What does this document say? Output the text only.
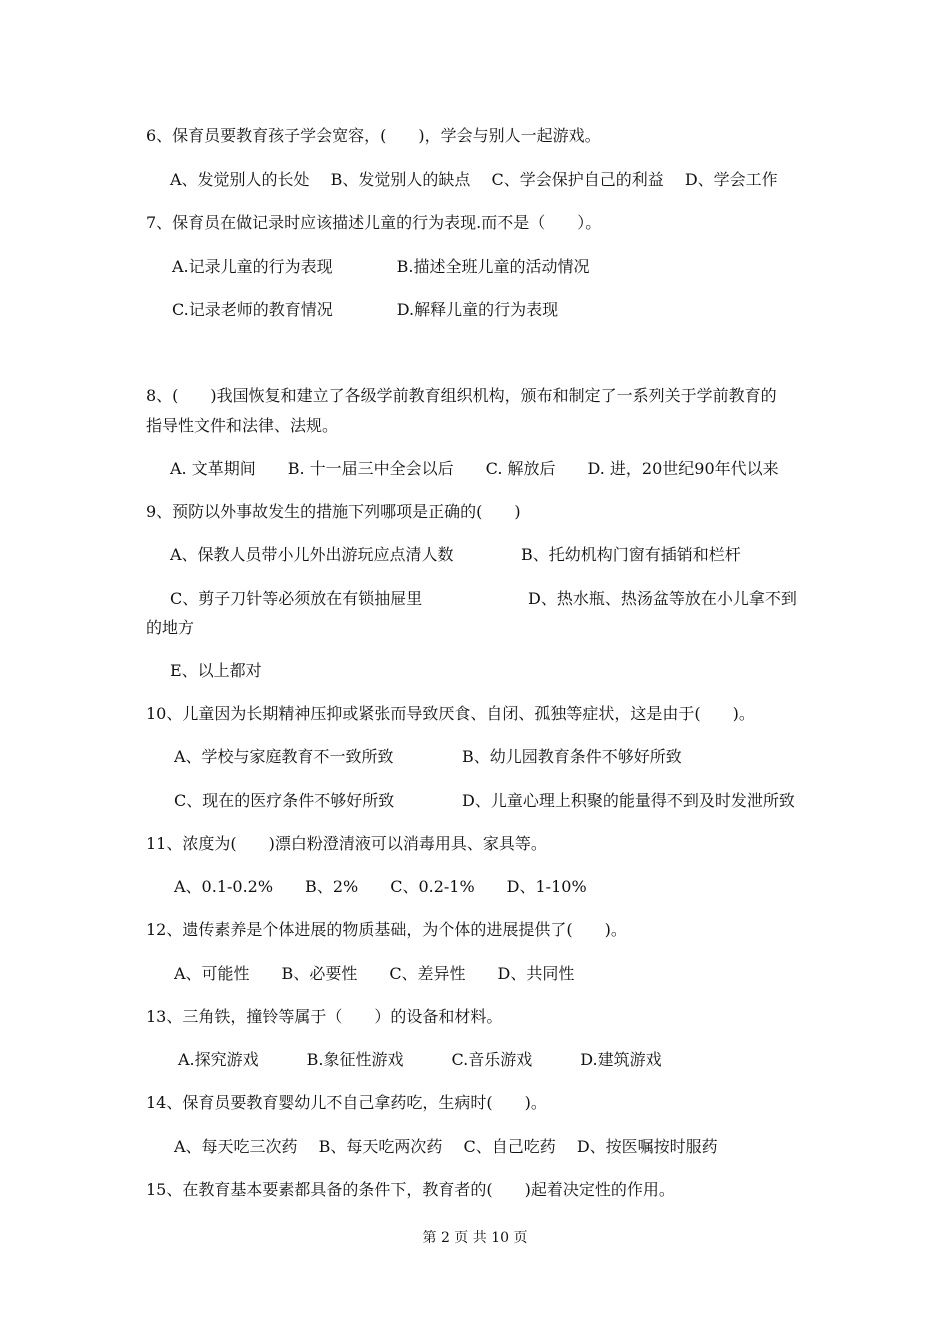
6、保育员要教育孩子学会宽容，(　　)，学会与别人一起游戏。
A、发觉别人的长处　 B、发觉别人的缺点　 C、学会保护自己的利益　 D、学会工作
7、保育员在做记录时应该描述儿童的行为表现.而不是（　　）。
A.记录儿童的行为表现　　　　B.描述全班儿童的活动情况
C.记录老师的教育情况　　　　D.解释儿童的行为表现
8、(　　)我国恢复和建立了各级学前教育组织机构，颁布和制定了一系列关于学前教育的
指导性文件和法律、法规。
A. 文革期间　　B. 十一届三中全会以后　　C. 解放后　　D. 进，20世纪90年代以来
9、预防以外事故发生的措施下列哪项是正确的(　　)
A、保教人员带小儿外出游玩应点清人数	B、托幼机构门窗有插销和栏杆
C、剪子刀针等必须放在有锁抽屉里	D、热水瓶、热汤盆等放在小儿拿不到
的地方
E、以上都对
10、儿童因为长期精神压抑或紧张而导致厌食、自闭、孤独等症状，这是由于(　　)。
A、学校与家庭教育不一致所致	B、幼儿园教育条件不够好所致
C、现在的医疗条件不够好所致	D、儿童心理上积聚的能量得不到及时发泄所致
11、浓度为(　　)漂白粉澄清液可以消毒用具、家具等。
A、0.1-0.2%　　B、2%　　C、0.2-1%　　D、1-10%
12、遗传素养是个体进展的物质基础，为个体的进展提供了(　　)。
A、可能性　　B、必要性　　C、差异性　　D、共同性
13、三角铁，撞铃等属于（　　）的设备和材料。
A.探究游戏　　　B.象征性游戏　　　C.音乐游戏　　　D.建筑游戏
14、保育员要教育婴幼儿不自己拿药吃，生病时(　　)。
A、每天吃三次药　 B、每天吃两次药　 C、自己吃药　 D、按医嘱按时服药
15、在教育基本要素都具备的条件下，教育者的(　　)起着决定性的作用。
第 2 页 共 10 页
